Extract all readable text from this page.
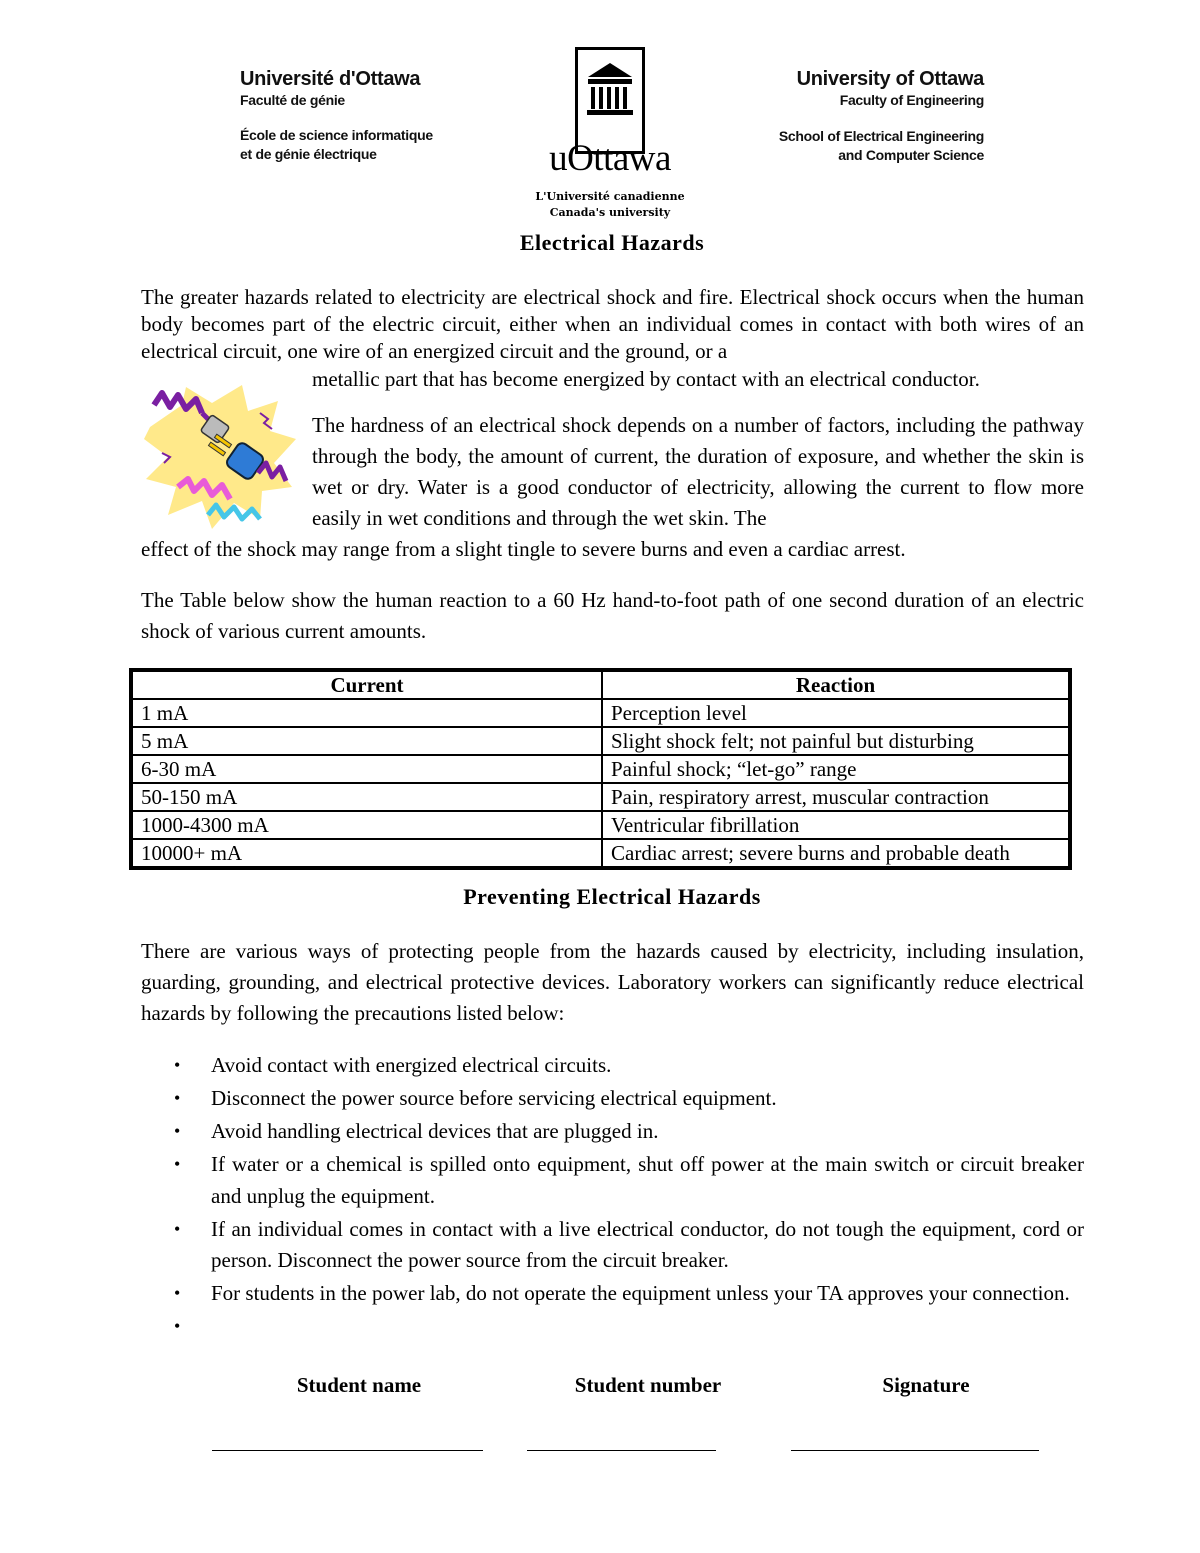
Université d'Ottawa
Faculté de génie
École de science informatique
et de génie électrique
University of Ottawa
Faculty of Engineering
School of Electrical Engineering
and Computer Science
uOttawa
L'Université canadienne
Canada's university
Electrical Hazards
The greater hazards related to electricity are electrical shock and fire. Electrical shock occurs when the human body becomes part of the electric circuit, either when an individual comes in contact with both wires of an electrical circuit, one wire of an energized circuit and the ground, or a
metallic part that has become energized by contact with an electrical conductor.
The hardness of an electrical shock depends on a number of factors, including the pathway through the body, the amount of current, the duration of exposure, and whether the skin is wet or dry. Water is a good conductor of electricity, allowing the current to flow more easily in wet conditions and through the wet skin. The
effect of the shock may range from a slight tingle to severe burns and even a cardiac arrest.
The Table below show the human reaction to a 60 Hz hand-to-foot path of one second duration of an electric shock of various current amounts.
Current	Reaction
1 mA	Perception level
5 mA	Slight shock felt; not painful but disturbing
6-30 mA	Painful shock; “let-go” range
50-150 mA	Pain, respiratory arrest, muscular contraction
1000-4300 mA	Ventricular fibrillation
10000+ mA	Cardiac arrest; severe burns and probable death
Preventing Electrical Hazards
There are various ways of protecting people from the hazards caused by electricity, including insulation, guarding, grounding, and electrical protective devices. Laboratory workers can significantly reduce electrical hazards by following the precautions listed below:
• Avoid contact with energized electrical circuits.
• Disconnect the power source before servicing electrical equipment.
• Avoid handling electrical devices that are plugged in.
• If water or a chemical is spilled onto equipment, shut off power at the main switch or circuit breaker and unplug the equipment.
• If an individual comes in contact with a live electrical conductor, do not tough the equipment, cord or person. Disconnect the power source from the circuit breaker.
• For students in the power lab, do not operate the equipment unless your TA approves your connection.
•
Student name	Student number	Signature
